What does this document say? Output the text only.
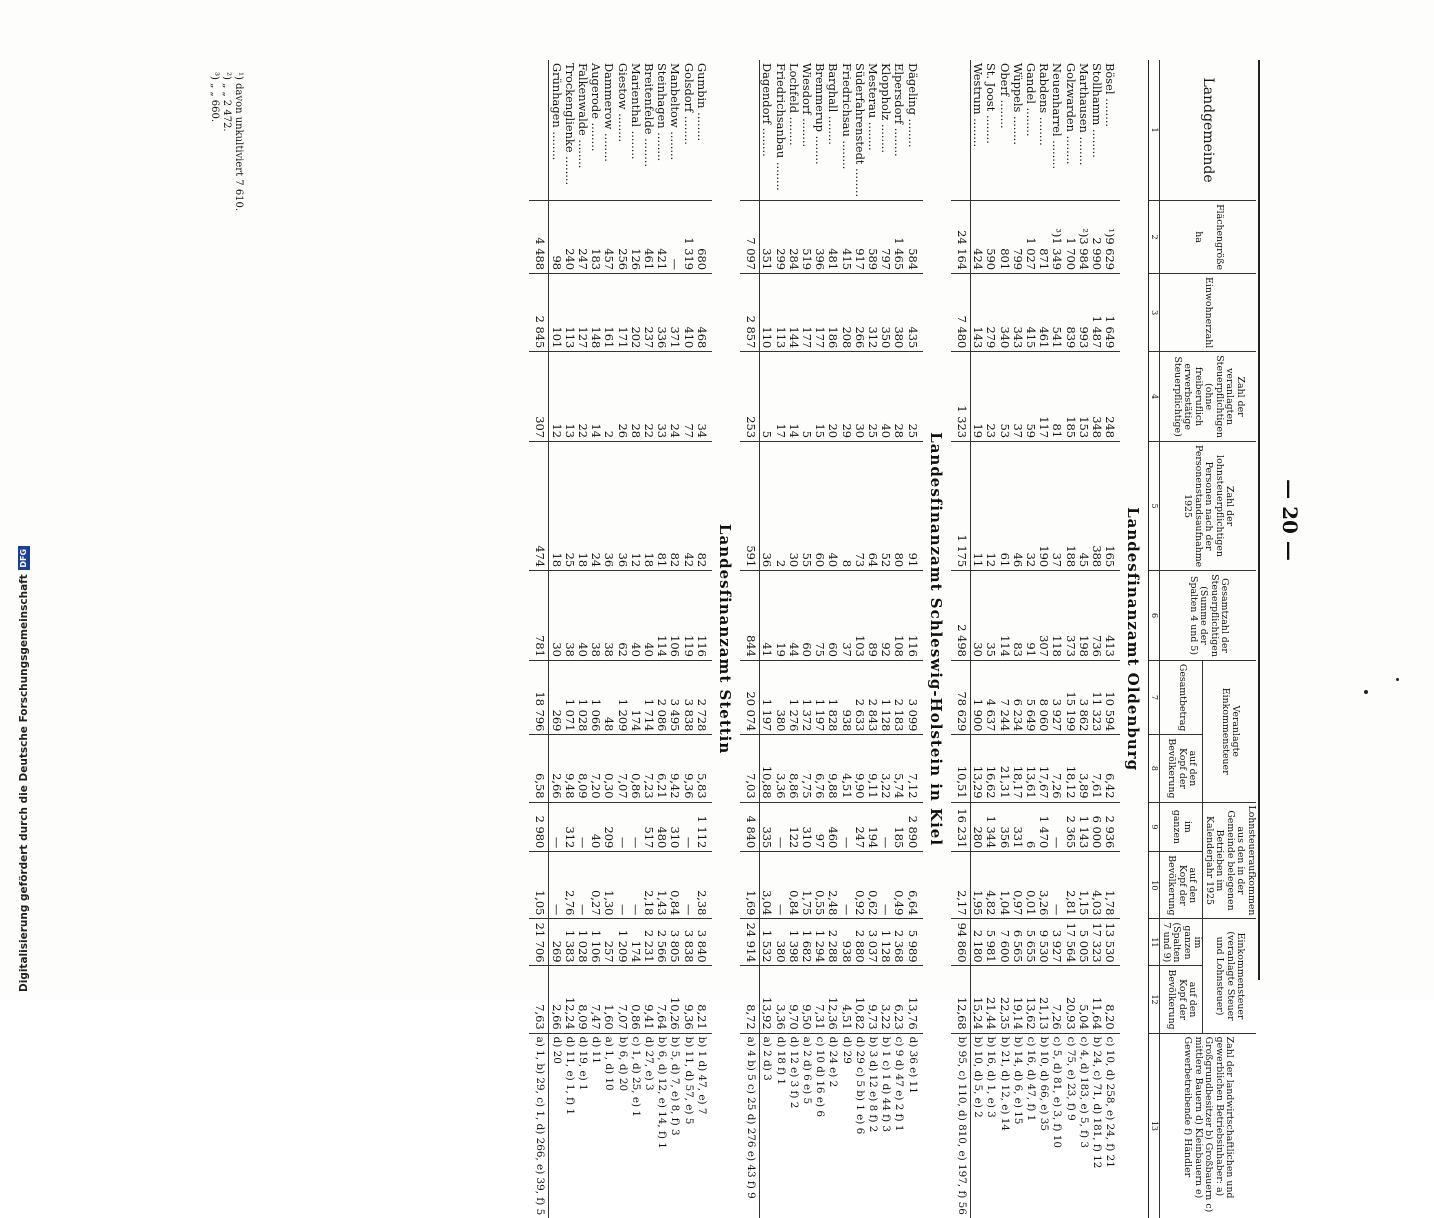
— 20 —
Landgemeinde	Flächengröße

ha	Einwohnerzahl	Zahl der veranlagten Steuerpflichtigen (ohne freiberuflich erwerbstätige Steuerpflichtige)	Zahl der lohnsteuerpflichtigen Personen nach der Personenstandsaufnahme 1925	Gesamtzahl der Steuerpflichtigen (Summe der Spalten 4 und 5)	Veranlagte Einkommensteuer		Lohnsteueraufkommen aus den in der Gemeinde belegenen Betrieben im Kalenderjahr 1925		Einkommensteuer (veranlagte Steuer und Lohnsteuer)		Zahl der landwirtschaftlichen und gewerblichen Betriebsinhaber: a) Großgrundbesitzer b) Großbauern c) mittlere Bauern d) Kleinbauern e) Gewerbetreibende f) Händler
						Gesamtbetrag	auf den Kopf der Bevölkerung	im ganzen	auf den Kopf der Bevölkerung	im ganzen (Spalten 7 und 9)	auf den Kopf der Bevölkerung	
1	2	3	4	5	6	7	8	9	10	11	12	13
Landesfinanzamt Oldenburg												
Bösel ........	¹)9 629	1 649	248	165	413	10 594	6,42	2 936	1,78	13 530	8,20	c) 10, d) 258, e) 24, f) 21
Stollhamm ........	2 990	1 487	348	388	736	11 323	7,61	6 000	4,03	17 323	11,64	b) 24, c) 71, d) 181, f) 12
Marthausen ........	²)3 984	993	153	45	198	3 862	3,89	1 143	1,15	5 005	5,04	c) 4, d) 183, e) 5, f) 3
Golzwarden ........	1 700	839	185	188	373	15 199	18,12	2 365	2,81	17 564	20,93	c) 75, e) 23, f) 9
Neuenharrel ........	³)1 349	541	81	37	118	3 927	7,26	—	—	3 927	7,26	c) 5, d) 81, e) 3, f) 10
Rabdens ........	871	461	117	190	307	8 060	17,67	1 470	3,26	9 530	21,13	b) 10, d) 66, e) 35
Gandel ........	1 027	415	59	32	91	5 649	13,61	6	0,01	5 655	13,62	c) 16, d) 47, f) 1
Wüppels ........	799	343	37	46	83	6 234	18,17	331	0,97	6 565	19,14	b) 14, d) 6, e) 15
Oberf ........	801	340	53	61	114	7 244	21,31	356	1,04	7 600	22,35	b) 21, d) 12, e) 14
St. Joost ........	590	279	23	12	35	4 637	16,62	1 344	4,82	5 981	21,44	b) 16, d) 1, e) 3
Westrum ........	424	143	19	11	30	1 900	13,29	280	1,95	2 180	15,24	b) 10, d) 5, e) 2
	24 164	7 480	1 323	1 175	2 498	78 629	10,51	16 231	2,17	94 860	12,68	b) 95, c) 110, d) 810, e) 197, f) 56
Landesfinanzamt Schleswig-Holstein in Kiel												
Dägeling ........	584	435	25	91	116	3 099	7,12	2 890	6,64	5 989	13,76	d) 36 e) 11
Elpersdorf ........	1 465	380	28	80	108	2 183	5,74	185	0,49	2 368	6,23	c) 9 d) 47 e) 2 f) 1
Kloppholz ........	797	350	40	52	92	1 128	3,22	—	—	1 128	3,22	b) 1 c) 1 d) 44 f) 3
Mesterau ........	589	312	25	64	89	2 843	9,11	194	0,62	3 037	9,73	b) 3 d) 12 e) 8 f) 2
Süderfahrenstedt ........	917	266	30	73	103	2 633	9,90	247	0,92	2 880	10,82	d) 29 c) 5 b) 1 e) 6
Friedrichsau ........	415	208	29	8	37	938	4,51	—	—	938	4,51	d) 29
Barghall ........	481	186	20	40	60	1 828	9,88	460	2,48	2 288	12,36	d) 24 e) 2
Bremmerup ........	396	177	15	60	75	1 197	6,76	97	0,55	1 294	7,31	c) 10 d) 16 e) 6
Wiesdorf ........	519	177	5	55	60	1 372	7,75	310	1,75	1 682	9,50	a) 2 d) 6 e) 5
Lochfeld ........	284	144	14	30	44	1 276	8,86	122	0,84	1 398	9,70	d) 12 e) 3 f) 2
Friedrichsanbau ........	299	113	17	2	19	380	3,36	—	—	380	3,36	d) 18 f) 1
Dagendorf ........	351	110	5	36	41	1 197	10,88	335	3,04	1 532	13,92	a) 2 d) 3
	7 097	2 857	253	591	844	20 074	7,03	4 840	1,69	24 914	8,72	a) 4 b) 5 c) 25 d) 276 e) 43 f) 9
Landesfinanzamt Stettin												
Gumbin ........	680	468	34	82	116	2 728	5,83	1 112	2,38	3 840	8,21	b) 1 d) 47, e) 7
Golsdorf ........	1 319	410	77	42	119	3 838	9,36	—	—	3 838	9,36	b) 11, d) 57, e) 5
Manbeltow ........	—	371	24	82	106	3 495	9,42	310	0,84	3 805	10,26	b) 5, d) 7, e) 8, f) 3
Steinhagen ........	421	336	33	81	114	2 086	6,21	480	1,43	2 566	7,64	b) 6, d) 12, e) 14, f) 1
Breitenfelde ........	461	237	22	18	40	1 714	7,23	517	2,18	2 231	9,41	d) 27, e) 3
Marienthal ........	126	202	28	12	40	174	0,86	—	—	174	0,86	c) 1, d) 25, e) 1
Giestow ........	256	171	26	36	62	1 209	7,07	—	—	1 209	7,07	b) 6, d) 20
Dammerow ........	457	161	2	36	38	48	0,30	209	1,30	257	1,60	a) 1, d) 10
Augerode ........	183	148	14	24	38	1 066	7,20	40	0,27	1 106	7,47	d) 11
Falkenwalde ........	247	127	22	18	40	1 028	8,09	—	—	1 028	8,09	d) 19, e) 1
Trockenglienke ........	240	113	13	25	38	1 071	9,48	312	2,76	1 383	12,24	d) 11, e) 1, f) 1
Grünhagen ........	98	101	12	18	30	269	2,66	—	—	269	2,66	d) 20
	4 488	2 845	307	474	781	18 796	6,58	2 980	1,05	21 706	7,63	a) 1, b) 29, c) 1, d) 266, e) 39, f) 5
¹) davon unkultiviert 7 610.
²) „ „ 2 472.
³) „ „ 660.
Digitalisierung gefördert durch die Deutsche ForschungsgemeinschaftDFG
